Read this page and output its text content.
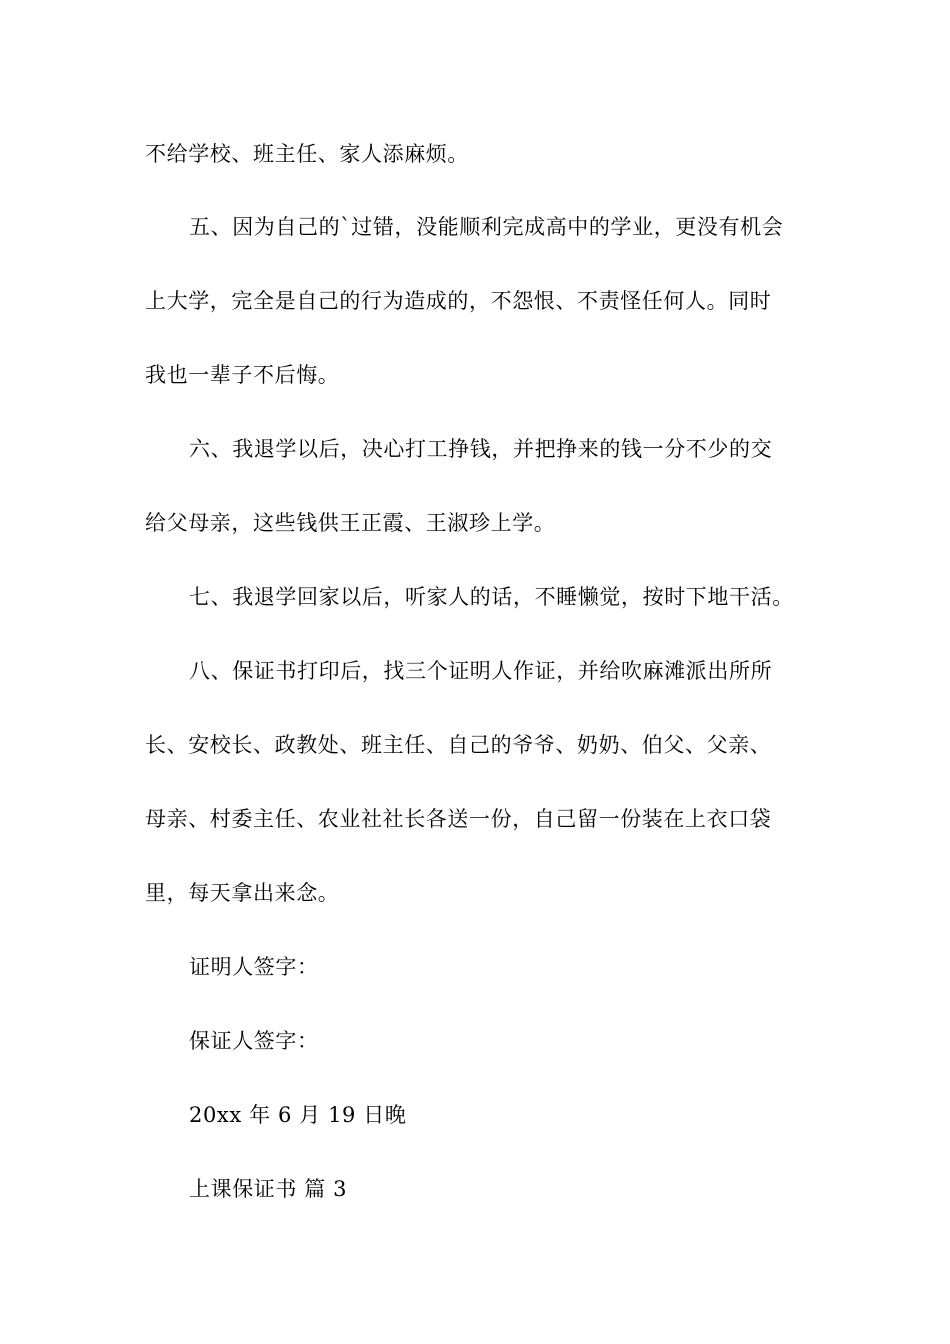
不给学校、班主任、家人添麻烦。
五、因为自己的`过错，没能顺利完成高中的学业，更没有机会
上大学，完全是自己的行为造成的，不怨恨、不责怪任何人。同时
我也一辈子不后悔。
六、我退学以后，决心打工挣钱，并把挣来的钱一分不少的交
给父母亲，这些钱供王正霞、王淑珍上学。
七、我退学回家以后，听家人的话，不睡懒觉，按时下地干活。
八、保证书打印后，找三个证明人作证，并给吹麻滩派出所所
长、安校长、政教处、班主任、自己的爷爷、奶奶、伯父、父亲、
母亲、村委主任、农业社社长各送一份，自己留一份装在上衣口袋
里，每天拿出来念。
证明人签字：
保证人签字：
20xx 年 6 月 19 日晚
上课保证书 篇 3
